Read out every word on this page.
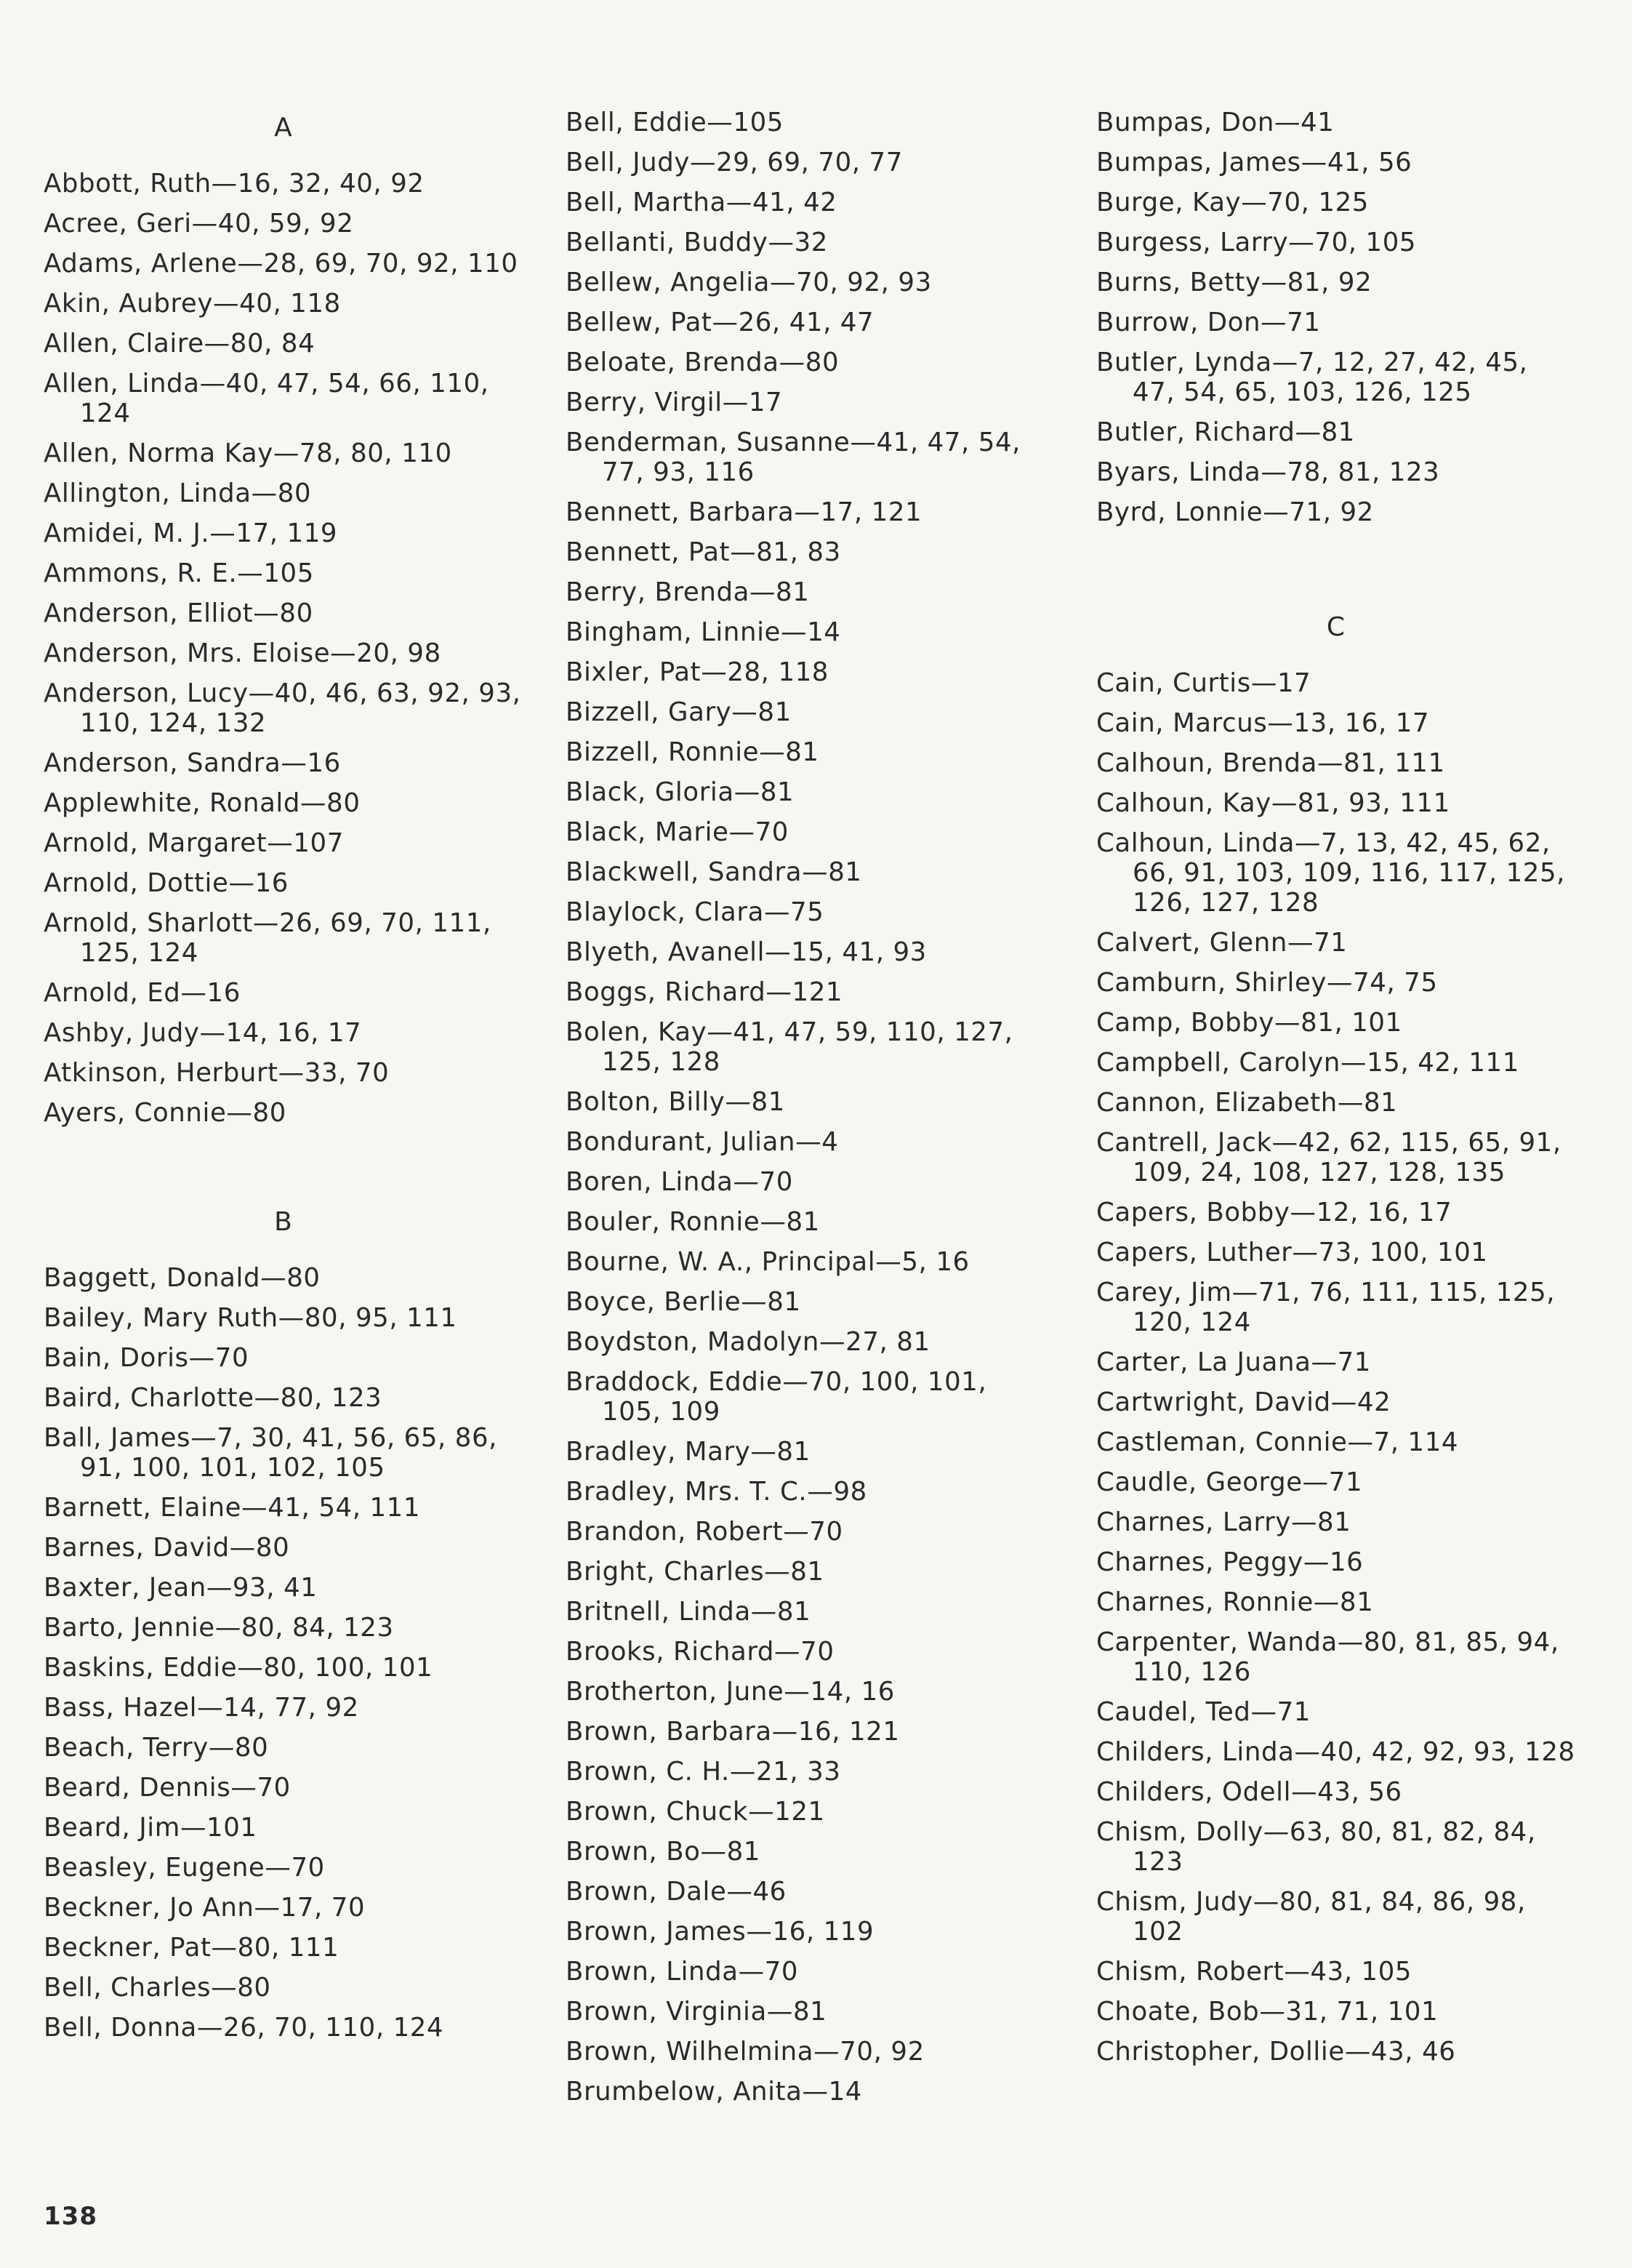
A
Abbott, Ruth—16, 32, 40, 92
Acree, Geri—40, 59, 92
Adams, Arlene—28, 69, 70, 92, 110
Akin, Aubrey—40, 118
Allen, Claire—80, 84
Allen, Linda—40, 47, 54, 66, 110, 124
Allen, Norma Kay—78, 80, 110
Allington, Linda—80
Amidei, M. J.—17, 119
Ammons, R. E.—105
Anderson, Elliot—80
Anderson, Mrs. Eloise—20, 98
Anderson, Lucy—40, 46, 63, 92, 93, 110, 124, 132
Anderson, Sandra—16
Applewhite, Ronald—80
Arnold, Margaret—107
Arnold, Dottie—16
Arnold, Sharlott—26, 69, 70, 111, 125, 124
Arnold, Ed—16
Ashby, Judy—14, 16, 17
Atkinson, Herburt—33, 70
Ayers, Connie—80
B
Baggett, Donald—80
Bailey, Mary Ruth—80, 95, 111
Bain, Doris—70
Baird, Charlotte—80, 123
Ball, James—7, 30, 41, 56, 65, 86, 91, 100, 101, 102, 105
Barnett, Elaine—41, 54, 111
Barnes, David—80
Baxter, Jean—93, 41
Barto, Jennie—80, 84, 123
Baskins, Eddie—80, 100, 101
Bass, Hazel—14, 77, 92
Beach, Terry—80
Beard, Dennis—70
Beard, Jim—101
Beasley, Eugene—70
Beckner, Jo Ann—17, 70
Beckner, Pat—80, 111
Bell, Charles—80
Bell, Donna—26, 70, 110, 124
Bell, Eddie—105
Bell, Judy—29, 69, 70, 77
Bell, Martha—41, 42
Bellanti, Buddy—32
Bellew, Angelia—70, 92, 93
Bellew, Pat—26, 41, 47
Beloate, Brenda—80
Berry, Virgil—17
Benderman, Susanne—41, 47, 54, 77, 93, 116
Bennett, Barbara—17, 121
Bennett, Pat—81, 83
Berry, Brenda—81
Bingham, Linnie—14
Bixler, Pat—28, 118
Bizzell, Gary—81
Bizzell, Ronnie—81
Black, Gloria—81
Black, Marie—70
Blackwell, Sandra—81
Blaylock, Clara—75
Blyeth, Avanell—15, 41, 93
Boggs, Richard—121
Bolen, Kay—41, 47, 59, 110, 127, 125, 128
Bolton, Billy—81
Bondurant, Julian—4
Boren, Linda—70
Bouler, Ronnie—81
Bourne, W. A., Principal—5, 16
Boyce, Berlie—81
Boydston, Madolyn—27, 81
Braddock, Eddie—70, 100, 101, 105, 109
Bradley, Mary—81
Bradley, Mrs. T. C.—98
Brandon, Robert—70
Bright, Charles—81
Britnell, Linda—81
Brooks, Richard—70
Brotherton, June—14, 16
Brown, Barbara—16, 121
Brown, C. H.—21, 33
Brown, Chuck—121
Brown, Bo—81
Brown, Dale—46
Brown, James—16, 119
Brown, Linda—70
Brown, Virginia—81
Brown, Wilhelmina—70, 92
Brumbelow, Anita—14
Bumpas, Don—41
Bumpas, James—41, 56
Burge, Kay—70, 125
Burgess, Larry—70, 105
Burns, Betty—81, 92
Burrow, Don—71
Butler, Lynda—7, 12, 27, 42, 45, 47, 54, 65, 103, 126, 125
Butler, Richard—81
Byars, Linda—78, 81, 123
Byrd, Lonnie—71, 92
C
Cain, Curtis—17
Cain, Marcus—13, 16, 17
Calhoun, Brenda—81, 111
Calhoun, Kay—81, 93, 111
Calhoun, Linda—7, 13, 42, 45, 62, 66, 91, 103, 109, 116, 117, 125, 126, 127, 128
Calvert, Glenn—71
Camburn, Shirley—74, 75
Camp, Bobby—81, 101
Campbell, Carolyn—15, 42, 111
Cannon, Elizabeth—81
Cantrell, Jack—42, 62, 115, 65, 91, 109, 24, 108, 127, 128, 135
Capers, Bobby—12, 16, 17
Capers, Luther—73, 100, 101
Carey, Jim—71, 76, 111, 115, 125, 120, 124
Carter, La Juana—71
Cartwright, David—42
Castleman, Connie—7, 114
Caudle, George—71
Charnes, Larry—81
Charnes, Peggy—16
Charnes, Ronnie—81
Carpenter, Wanda—80, 81, 85, 94, 110, 126
Caudel, Ted—71
Childers, Linda—40, 42, 92, 93, 128
Childers, Odell—43, 56
Chism, Dolly—63, 80, 81, 82, 84, 123
Chism, Judy—80, 81, 84, 86, 98, 102
Chism, Robert—43, 105
Choate, Bob—31, 71, 101
Christopher, Dollie—43, 46
138
